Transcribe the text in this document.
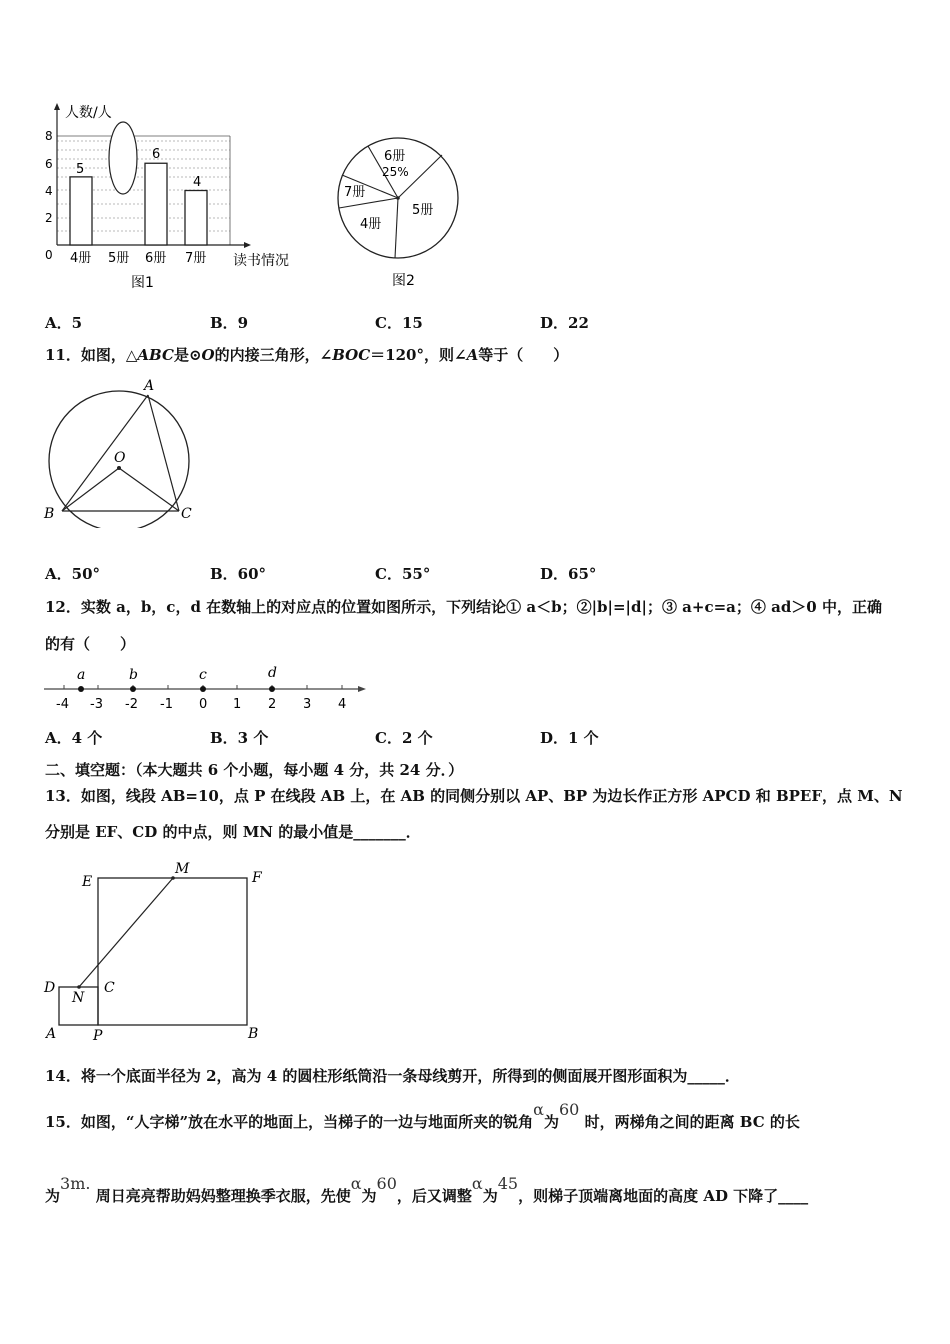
人数/人
读书情况
8
6
4
2
0
5
6
4
4册 5册 6册 7册
图1
6册
25%
5册
4册
7册
图2
A．5	B．9	C．15	D．22
11．如图，△ABC是⊙O的内接三角形，∠BOC＝120°，则∠A等于（　　）
A
O
B	C
A．50°	B．60°	C．55°	D．65°
12．实数 a，b，c，d 在数轴上的对应点的位置如图所示，下列结论① a＜b；②|b|=|d|；③ a+c=a；④ ad＞0 中，正确
的有（　　）
a	b	c	d
-4 -3 -2 -1 0 1 2 3 4
A．4 个	B．3 个	C．2 个	D．1 个
二、填空题：（本大题共 6 个小题，每小题 4 分，共 24 分．）
13．如图，线段 AB=10，点 P 在线段 AB 上，在 AB 的同侧分别以 AP、BP 为边长作正方形 APCD 和 BPEF，点 M、N
分别是 EF、CD 的中点，则 MN 的最小值是_______．
E
M
F
D
N
C
A	P	B
14．将一个底面半径为 2，高为 4 的圆柱形纸筒沿一条母线剪开，所得到的侧面展开图形面积为_____．
15．如图，“人字梯”放在水平的地面上，当梯子的一边与地面所夹的锐角α为60 时，两梯角之间的距离 BC 的长
为3m. 周日亮亮帮助妈妈整理换季衣服，先使α为60，后又调整α为45，则梯子顶端离地面的高度 AD 下降了____
